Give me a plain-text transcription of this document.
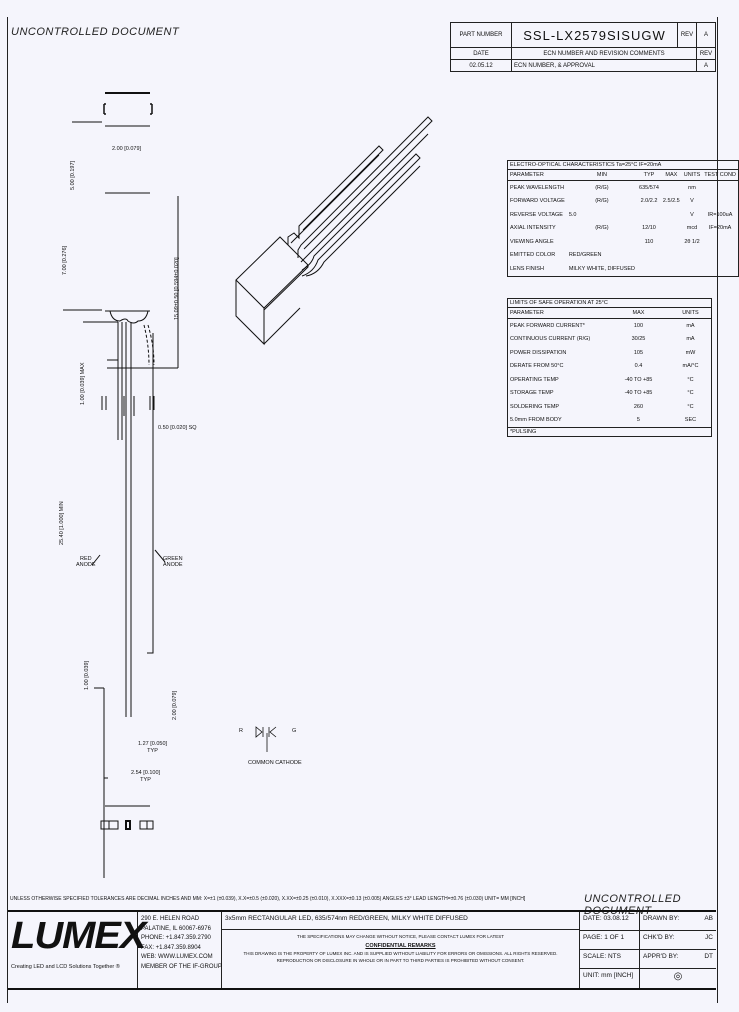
UNCONTROLLED DOCUMENT	PART NUMBER	SSL-LX2579SISUGW	REV	A
DATE	ECN NUMBER AND REVISION COMMENTS		REV
02.05.12	ECN NUMBER, & APPROVAL		A
ELECTRO-OPTICAL CHARACTERISTICS Ta=25°C IF=20mA					
PARAMETER	MIN	TYP	MAX	UNITS	TEST COND
PEAK WAVELENGTH	(R/G)	635/574		nm	
FORWARD VOLTAGE	(R/G)	2.0/2.2	2.5/2.5	V	
REVERSE VOLTAGE	5.0			V	IR=100uA
AXIAL INTENSITY	(R/G)	12/10		mcd	IF=20mA
VIEWING ANGLE		110		2θ 1/2	
EMITTED COLOR	RED/GREEN				
LENS FINISH	MILKY WHITE, DIFFUSED				
LIMITS OF SAFE OPERATION AT 25°C		
PARAMETER	MAX	UNITS
PEAK FORWARD CURRENT*	100	mA
CONTINUOUS CURRENT (R/G)	30/25	mA
POWER DISSIPATION	105	mW
DERATE FROM 50°C	0.4	mA/°C
OPERATING TEMP	-40 TO +85	°C
STORAGE TEMP	-40 TO +85	°C
SOLDERING TEMP	260	°C
5.0mm FROM BODY	5	SEC
*PULSING		
5.00 [0.197]
2.00 [0.079]
7.00 [0.276]	15.09±0.50 [0.594±0.020]
1.00 [0.039] MAX
0.50 [0.020] SQ
25.40 [1.000] MIN
RED
ANODE
GREEN
ANODE
1.00 [0.039]
2.00 [0.079]
1.27 [0.050]
TYP
2.54 [0.100]
TYP
R	G
COMMON CATHODE
UNLESS OTHERWISE SPECIFIED TOLERANCES ARE DECIMAL INCHES AND MM: X=±1 (±0.039), X.X=±0.5 (±0.020), X.XX=±0.25 (±0.010), X.XXX=±0.13 (±0.005) ANGLES ±3° LEAD LENGTH=±0.76 (±0.030) UNIT= MM [INCH]	UNCONTROLLED DOCUMENT
LUMEX
Creating LED and LCD Solutions Together ®
290 E. HELEN ROAD
PALATINE, IL 60067-6976
PHONE: +1.847.359.2790
FAX: +1.847.359.8904
WEB: WWW.LUMEX.COM
MEMBER OF THE IF-GROUP
3x5mm RECTANGULAR LED, 635/574nm RED/GREEN, MILKY WHITE DIFFUSED
THE SPECIFICATIONS MAY CHANGE WITHOUT NOTICE, PLEASE CONTACT LUMEX FOR LATEST
CONFIDENTIAL REMARKS
THIS DRAWING IS THE PROPERTY OF LUMEX INC. AND IS SUPPLIED WITHOUT LIABILITY FOR ERRORS OR OMISSIONS. ALL RIGHTS RESERVED.
REPRODUCTION OR DISCLOSURE IN WHOLE OR IN PART TO THIRD PARTIES IS PROHIBITED WITHOUT CONSENT.
DATE: 03.08.12	DRAWN BY:	AB
PAGE: 1 OF 1	CHK'D BY:	JC
SCALE: NTS	APPR'D BY:	DT
UNIT: mm [INCH]	◎
